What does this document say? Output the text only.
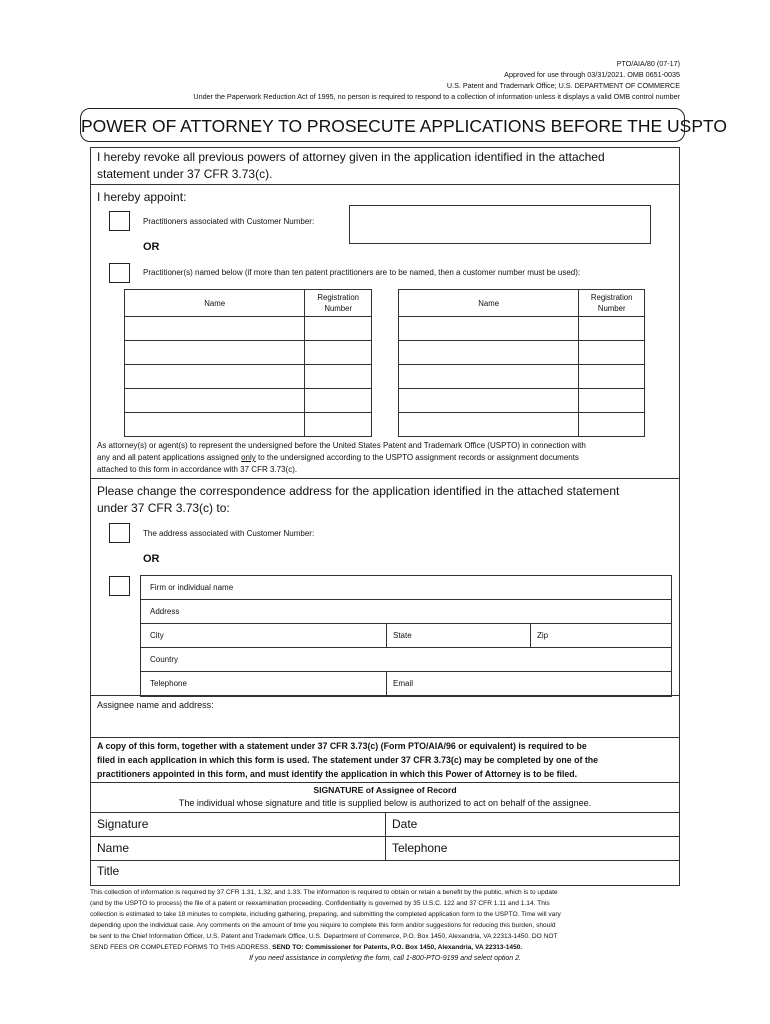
PTO/AIA/80 (07-17)
Approved for use through 03/31/2021. OMB 0651-0035
U.S. Patent and Trademark Office; U.S. DEPARTMENT OF COMMERCE
Under the Paperwork Reduction Act of 1995, no person is required to respond to a collection of information unless it displays a valid OMB control number
POWER OF ATTORNEY TO PROSECUTE APPLICATIONS BEFORE THE USPTO
I hereby revoke all previous powers of attorney given in the application identified in the attached
statement under 37 CFR 3.73(c).
I hereby appoint:
Practitioners associated with Customer Number:
OR
Practitioner(s) named below (if more than ten patent practitioners are to be named, then a customer number must be used):
Name	Registration
Number

Name	Registration
Number

As attorney(s) or agent(s) to represent the undersigned before the United States Patent and Trademark Office (USPTO) in connection with
any and all patent applications assigned only to the undersigned according to the USPTO assignment records or assignment documents
attached to this form in accordance with 37 CFR 3.73(c).
Please change the correspondence address for the application identified in the attached statement
under 37 CFR 3.73(c) to:
The address associated with Customer Number:
OR
Firm or individual name
Address
City	State	Zip
Country
Telephone	Email
Assignee name and address:
A copy of this form, together with a statement under 37 CFR 3.73(c) (Form PTO/AIA/96 or equivalent) is required to be
filed in each application in which this form is used. The statement under 37 CFR 3.73(c) may be completed by one of the
practitioners appointed in this form, and must identify the application in which this Power of Attorney is to be filed.
SIGNATURE of Assignee of Record
The individual whose signature and title is supplied below is authorized to act on behalf of the assignee.
Signature	Date
Name	Telephone
Title
This collection of information is required by 37 CFR 1.31, 1.32, and 1.33. The information is required to obtain or retain a benefit by the public, which is to update
(and by the USPTO to process) the file of a patent or reexamination proceeding. Confidentiality is governed by 35 U.S.C. 122 and 37 CFR 1.11 and 1.14. This
collection is estimated to take 18 minutes to complete, including gathering, preparing, and submitting the completed application form to the USPTO. Time will vary
depending upon the individual case. Any comments on the amount of time you require to complete this form and/or suggestions for reducing this burden, should
be sent to the Chief Information Officer, U.S. Patent and Trademark Office, U.S. Department of Commerce, P.O. Box 1450, Alexandria, VA 22313-1450. DO NOT
SEND FEES OR COMPLETED FORMS TO THIS ADDRESS. SEND TO: Commissioner for Patents, P.O. Box 1450, Alexandria, VA 22313-1450.
If you need assistance in completing the form, call 1-800-PTO-9199 and select option 2.
